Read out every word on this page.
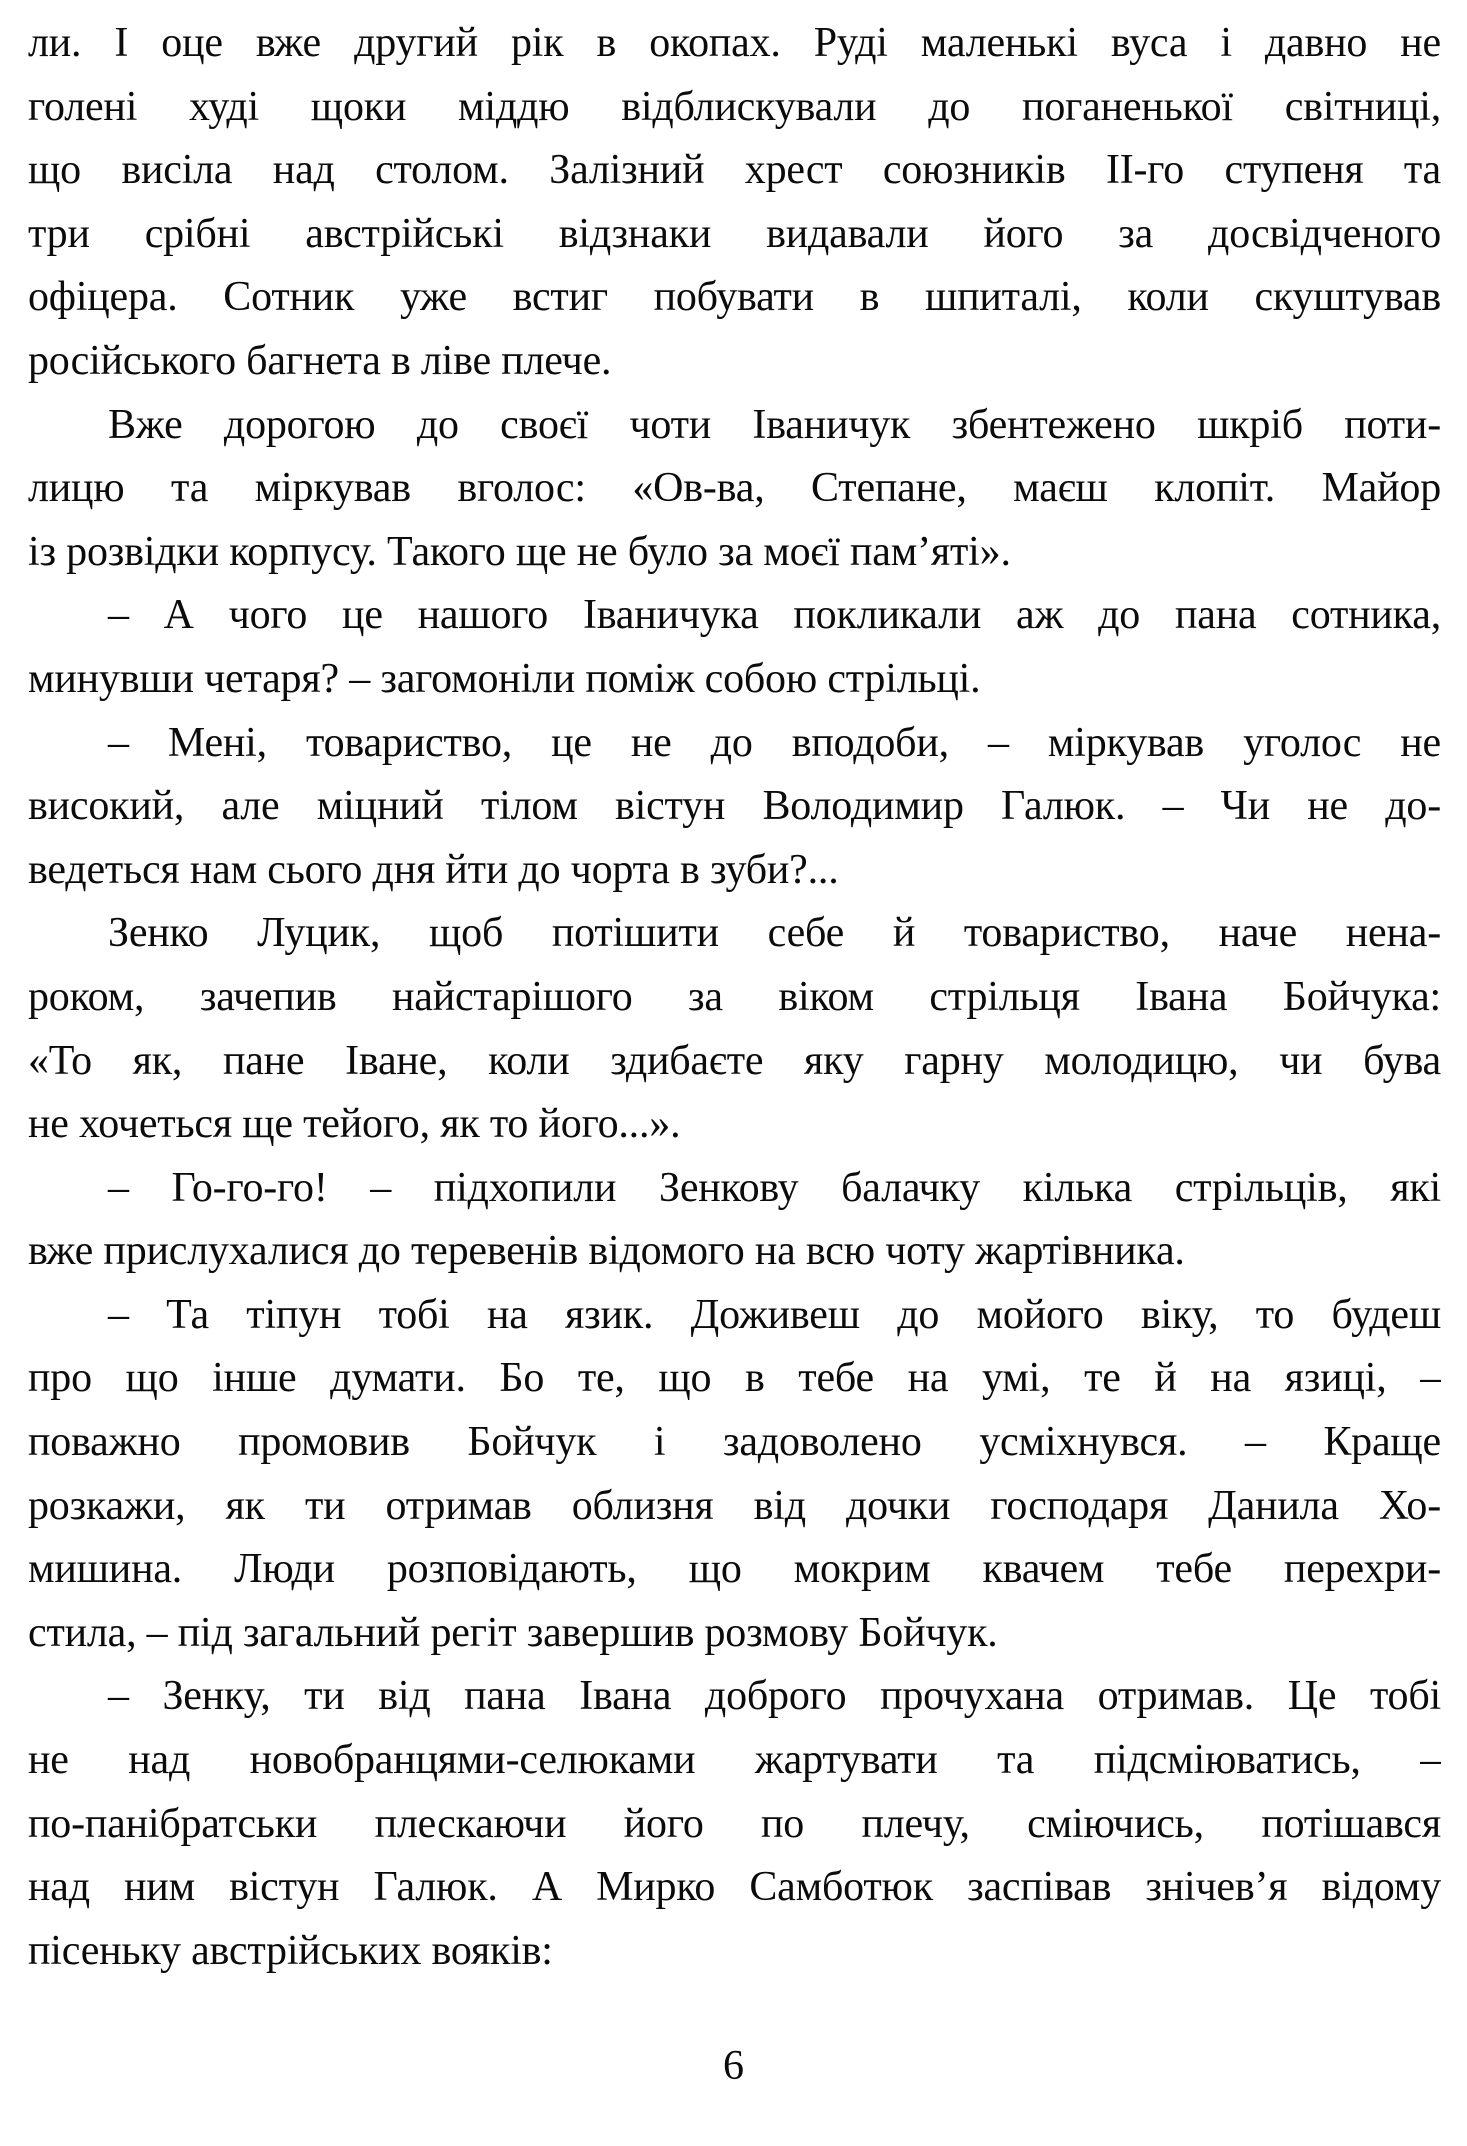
ли. І оце вже другий рік в окопах. Руді маленькі вуса і давно не
голені худі щоки міддю відблискували до поганенької світниці,
що висіла над столом. Залізний хрест союзників ІІ-го ступеня та
три срібні австрійські відзнаки видавали його за досвідченого
офіцера. Сотник уже встиг побувати в шпиталі, коли скуштував
російського багнета в ліве плече.
Вже дорогою до своєї чоти Іваничук збентежено шкріб поти-
лицю та міркував вголос: «Ов-ва, Степане, маєш клопіт. Майор
із розвідки корпусу. Такого ще не було за моєї пам’яті».
– А чого це нашого Іваничука покликали аж до пана сотника,
минувши четаря? – загомоніли поміж собою стрільці.
– Мені, товариство, це не до вподоби, – міркував уголос не
високий, але міцний тілом вістун Володимир Галюк. – Чи не до-
ведеться нам сього дня йти до чорта в зуби?...
Зенко Луцик, щоб потішити себе й товариство, наче нена-
роком, зачепив найстарішого за віком стрільця Івана Бойчука:
«То як, пане Іване, коли здибаєте яку гарну молодицю, чи бува
не хочеться ще тейого, як то його...».
– Го-го-го! – підхопили Зенкову балачку кілька стрільців, які
вже прислухалися до теревенів відомого на всю чоту жартівника.
– Та тіпун тобі на язик. Доживеш до мойого віку, то будеш
про що інше думати. Бо те, що в тебе на умі, те й на язиці, –
поважно промовив Бойчук і задоволено усміхнувся. – Краще
розкажи, як ти отримав облизня від дочки господаря Данила Хо-
мишина. Люди розповідають, що мокрим квачем тебе перехри-
стила, – під загальний регіт завершив розмову Бойчук.
– Зенку, ти від пана Івана доброго прочухана отримав. Це тобі
не над новобранцями-селюками жартувати та підсміюватись, –
по-панібратськи плескаючи його по плечу, сміючись, потішався
над ним вістун Галюк. А Мирко Самботюк заспівав знічев’я відому
пісеньку австрійських вояків:
6
